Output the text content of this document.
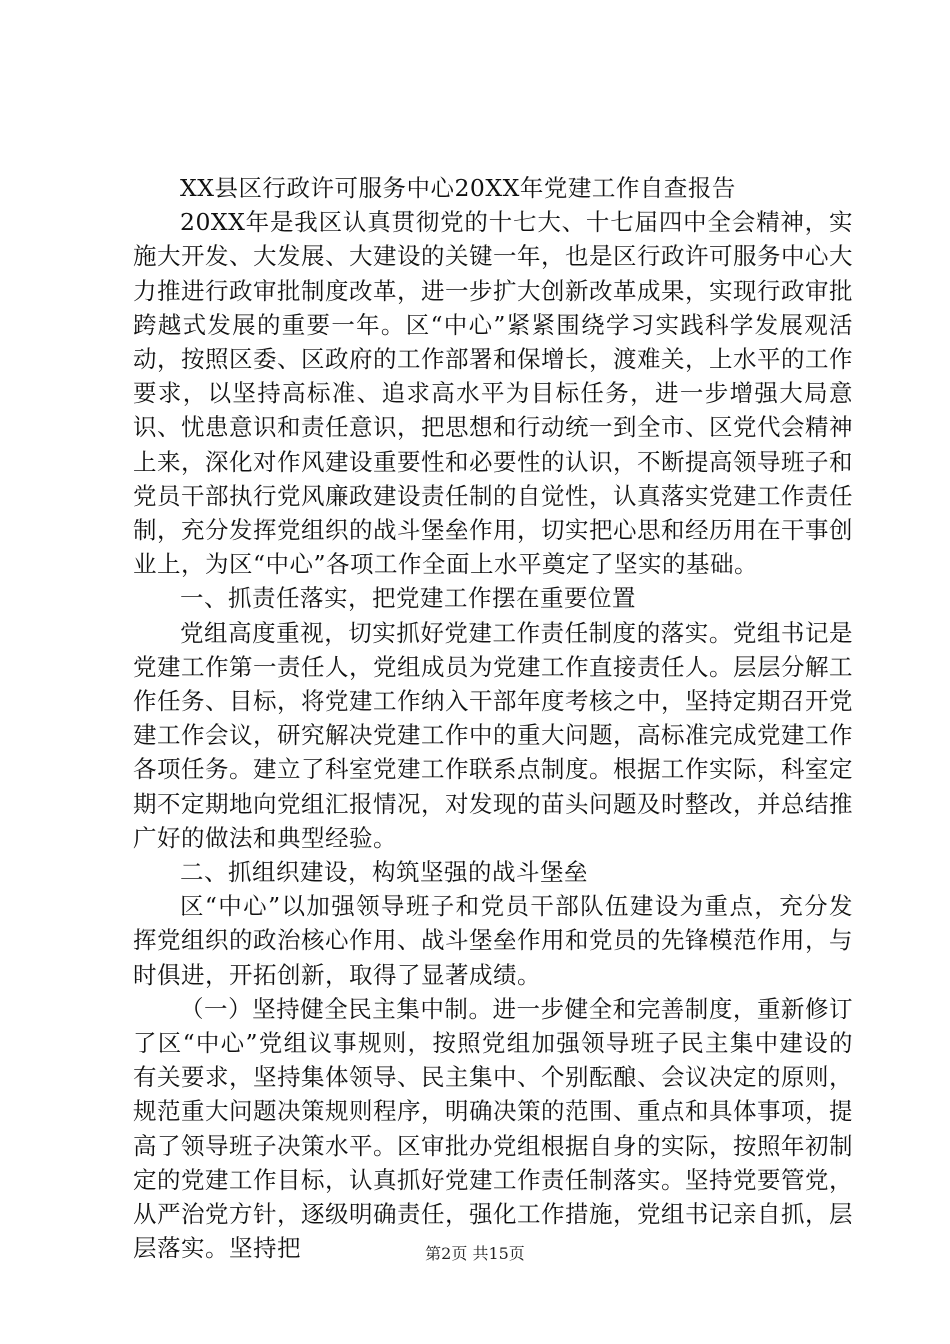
XX县区行政许可服务中心20XX年党建工作自查报告

20XX年是我区认真贯彻党的十七大、十七届四中全会精神，实施大开发、大发展、大建设的关键一年，也是区行政许可服务中心大力推进行政审批制度改革，进一步扩大创新改革成果，实现行政审批跨越式发展的重要一年。区“中心”紧紧围绕学习实践科学发展观活动，按照区委、区政府的工作部署和保增长，渡难关，上水平的工作要求，以坚持高标准、追求高水平为目标任务，进一步增强大局意识、忧患意识和责任意识，把思想和行动统一到全市、区党代会精神上来，深化对作风建设重要性和必要性的认识，不断提高领导班子和党员干部执行党风廉政建设责任制的自觉性，认真落实党建工作责任制，充分发挥党组织的战斗堡垒作用，切实把心思和经历用在干事创业上，为区“中心”各项工作全面上水平奠定了坚实的基础。

一、抓责任落实，把党建工作摆在重要位置

党组高度重视，切实抓好党建工作责任制度的落实。党组书记是党建工作第一责任人，党组成员为党建工作直接责任人。层层分解工作任务、目标，将党建工作纳入干部年度考核之中，坚持定期召开党建工作会议，研究解决党建工作中的重大问题，高标准完成党建工作各项任务。建立了科室党建工作联系点制度。根据工作实际，科室定期不定期地向党组汇报情况，对发现的苗头问题及时整改，并总结推广好的做法和典型经验。

二、抓组织建设，构筑坚强的战斗堡垒

区“中心”以加强领导班子和党员干部队伍建设为重点，充分发挥党组织的政治核心作用、战斗堡垒作用和党员的先锋模范作用，与时俱进，开拓创新，取得了显著成绩。

（一）坚持健全民主集中制。进一步健全和完善制度，重新修订了区“中心”党组议事规则，按照党组加强领导班子民主集中建设的有关要求，坚持集体领导、民主集中、个别酝酿、会议决定的原则，规范重大问题决策规则程序，明确决策的范围、重点和具体事项，提高了领导班子决策水平。区审批办党组根据自身的实际，按照年初制定的党建工作目标，认真抓好党建工作责任制落实。坚持党要管党，从严治党方针，逐级明确责任，强化工作措施，党组书记亲自抓，层层落实。坚持把	第2页 共15页
